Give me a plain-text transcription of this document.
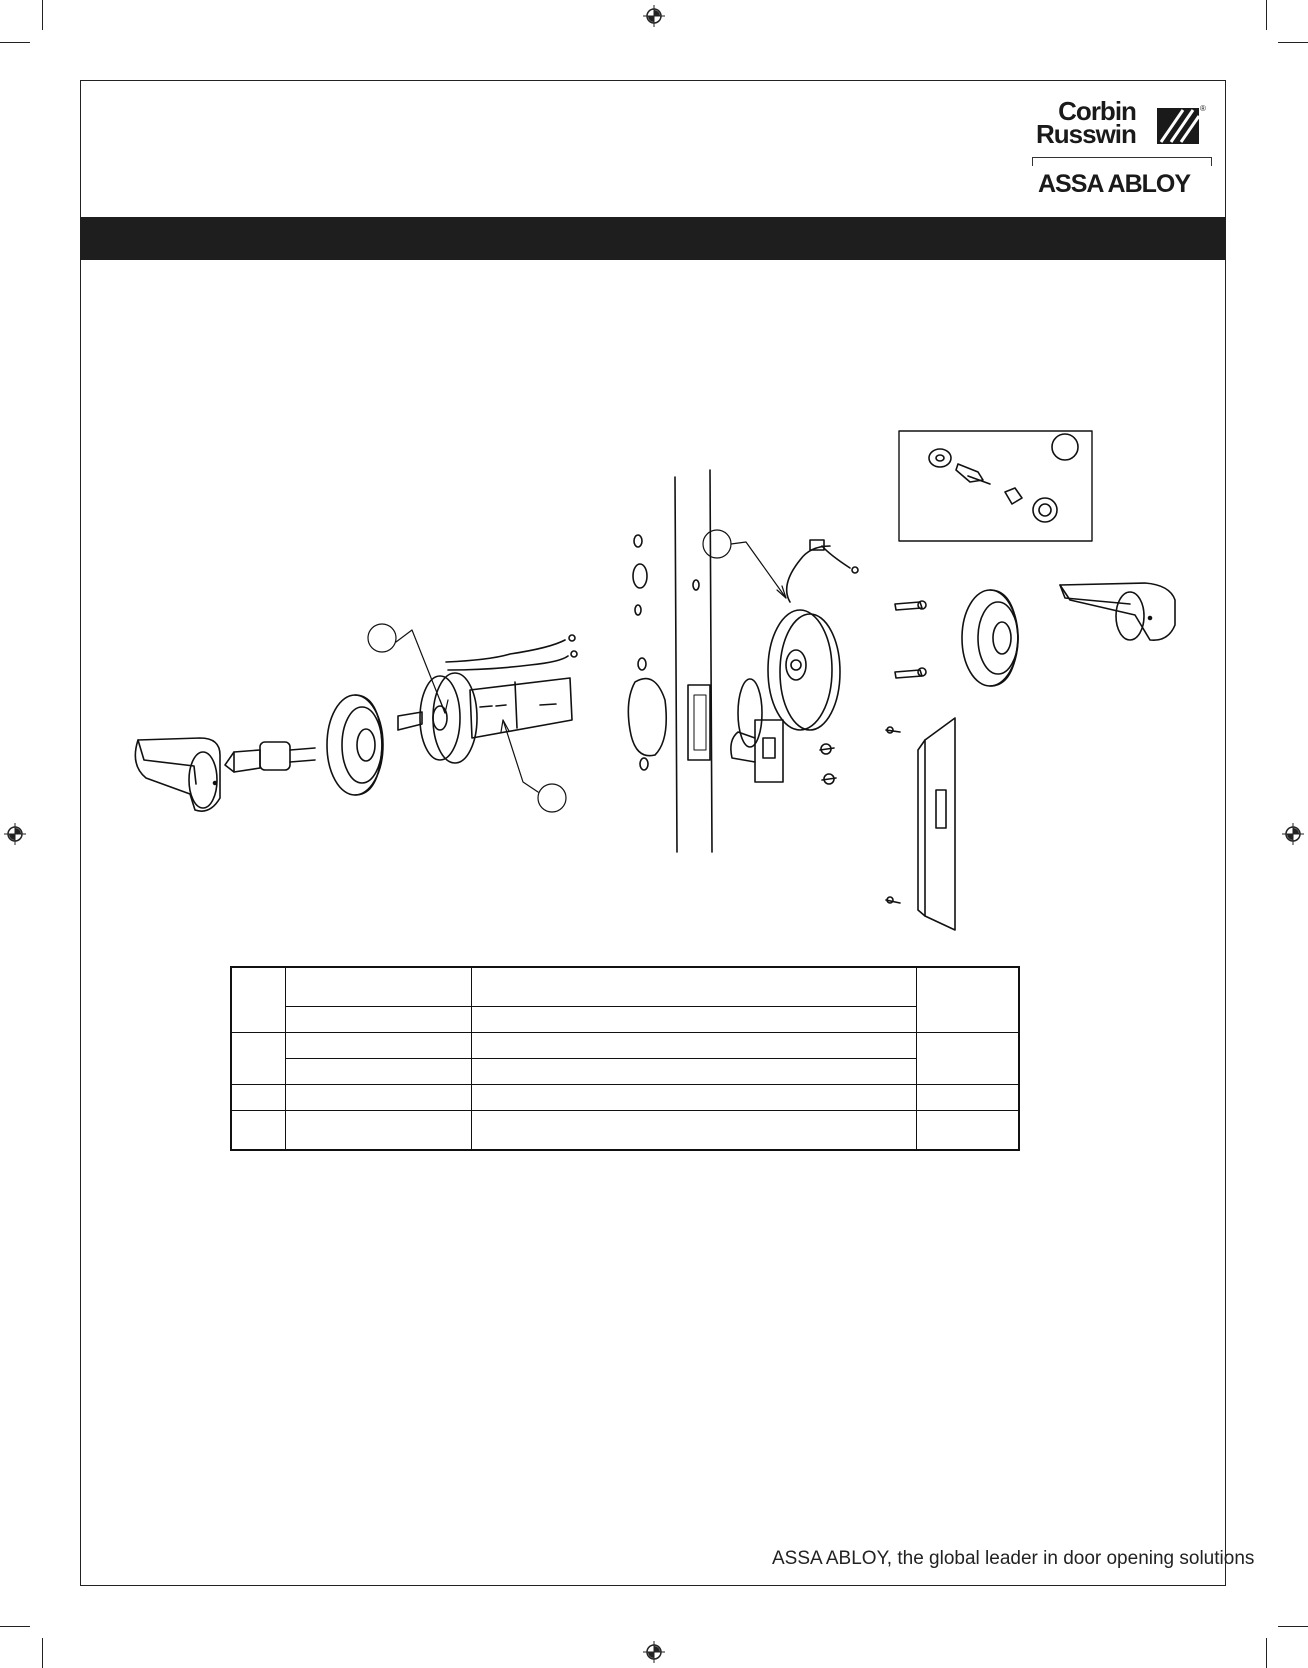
Corbin
Russwin
®
ASSA ABLOY

ASSA ABLOY, the global leader in door opening solutions
